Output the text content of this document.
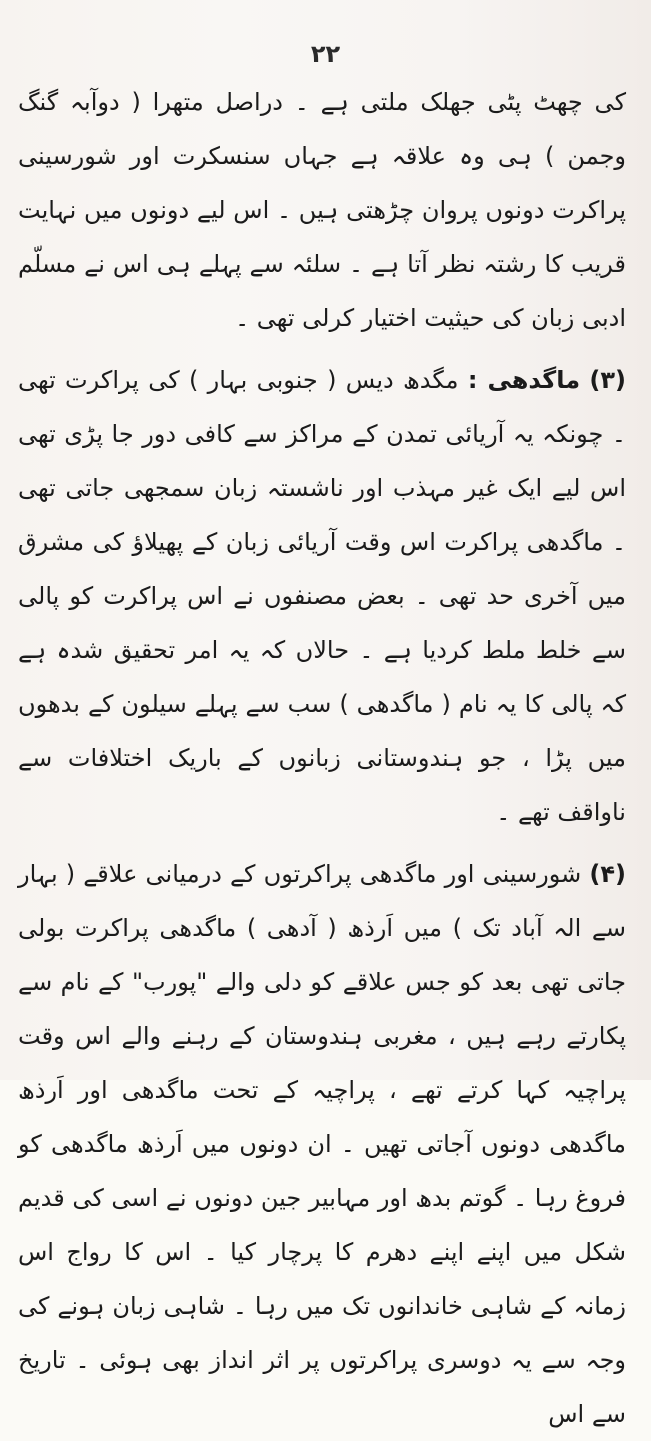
۲۲

کی چھٹ پٹی جھلک ملتی ہے ۔ دراصل متھرا ( دوآبہ گنگ وجمن ) ہی وہ علاقہ ہے جہاں سنسکرت اور شورسینی پراکرت دونوں پروان چڑھتی ہیں ۔ اس لیے دونوں میں نہایت قریب کا رشتہ نظر آتا ہے ۔ سلئہ سے پہلے ہی اس نے مسلّم ادبی زبان کی حیثیت اختیار کرلی تھی ۔

(۳) ماگدھی : مگدھ دیس ( جنوبی بہار ) کی پراکرت تھی ۔ چونکہ یہ آریائی تمدن کے مراکز سے کافی دور جا پڑی تھی اس لیے ایک غیر مہذب اور ناشستہ زبان سمجھی جاتی تھی ۔ ماگدھی پراکرت اس وقت آریائی زبان کے پھیلاؤ کی مشرق میں آخری حد تھی ۔ بعض مصنفوں نے اس پراکرت کو پالی سے خلط ملط کردیا ہے ۔ حالاں کہ یہ امر تحقیق شدہ ہے کہ پالی کا یہ نام ( ماگدھی ) سب سے پہلے سیلون کے بدھوں میں پڑا ، جو ہندوستانی زبانوں کے باریک اختلافات سے ناواقف تھے ۔

(۴) شورسینی اور ماگدھی پراکرتوں کے درمیانی علاقے ( بہار سے الہ آباد تک ) میں اَرذھ ( آدھی ) ماگدھی پراکرت بولی جاتی تھی بعد کو جس علاقے کو دلی والے "پورب" کے نام سے پکارتے رہے ہیں ، مغربی ہندوستان کے رہنے والے اس وقت پراچیہ کہا کرتے تھے ، پراچیہ کے تحت ماگدھی اور اَرذھ ماگدھی دونوں آجاتی تھیں ۔ ان دونوں میں اَرذھ ماگدھی کو فروغ رہا ۔ گوتم بدھ اور مہابیر جین دونوں نے اسی کی قدیم شکل میں اپنے اپنے دھرم کا پرچار کیا ۔ اس کا رواج اس زمانہ کے شاہی خاندانوں تک میں رہا ۔ شاہی زبان ہونے کی وجہ سے یہ دوسری پراکرتوں پر اثر انداز بھی ہوئی ۔ تاریخ سے اس
